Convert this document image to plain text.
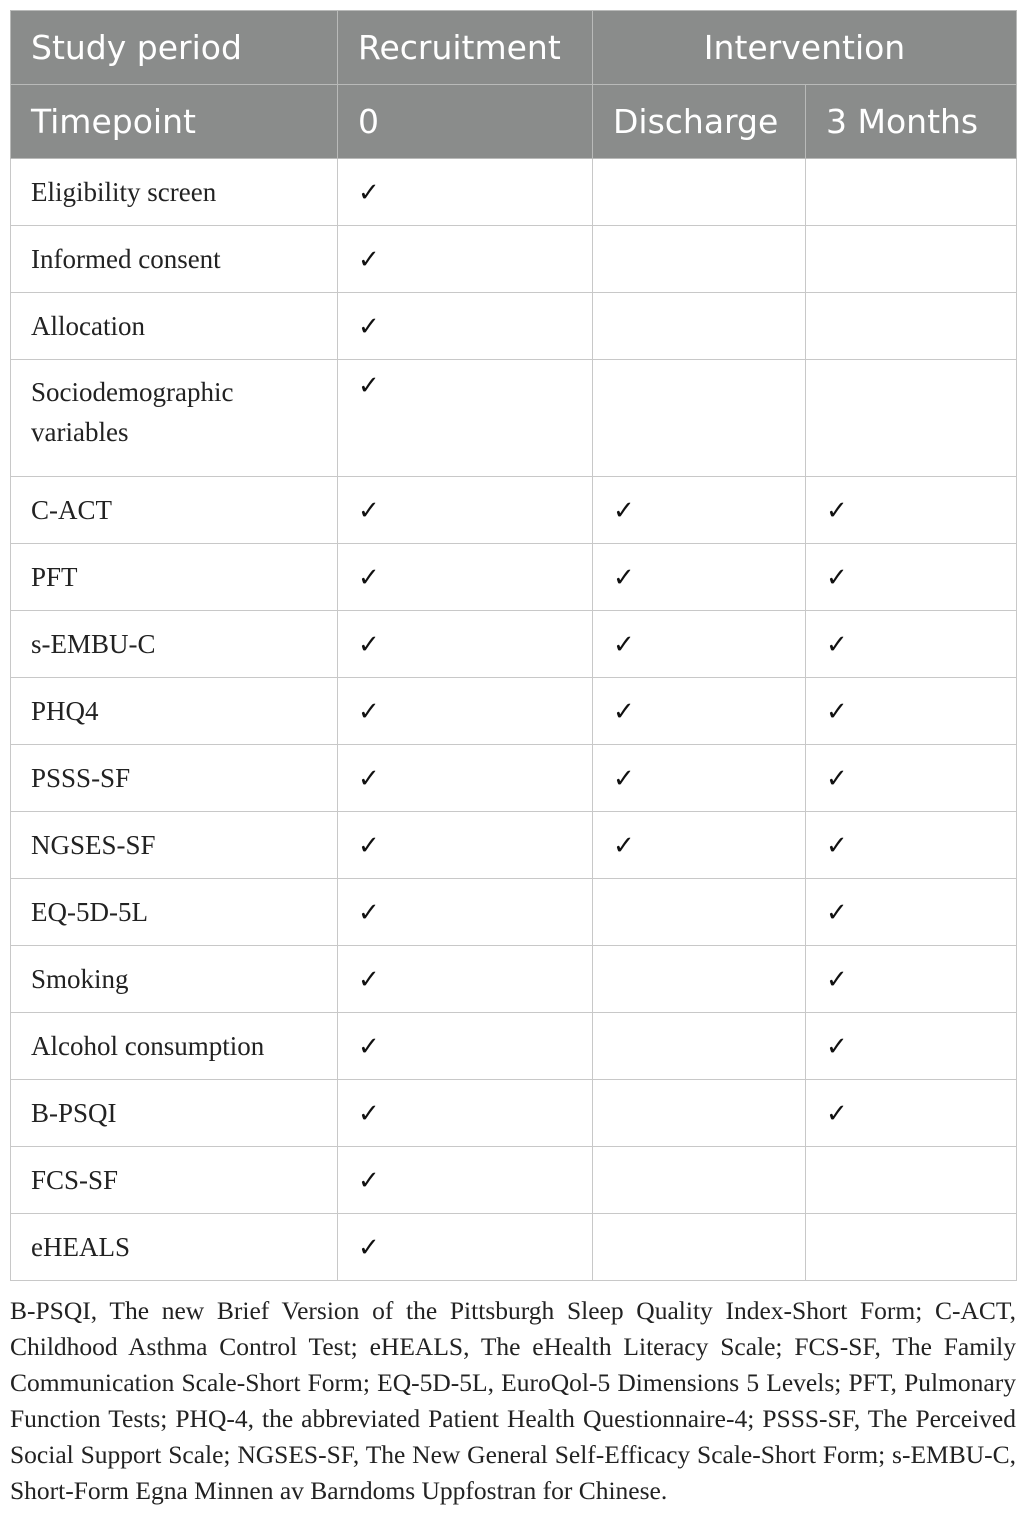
Study period	Recruitment	Intervention	
Timepoint	0	Discharge	3 Months
Eligibility screen	✓		
Informed consent	✓		
Allocation	✓		
Sociodemographic variables	✓		
C-ACT	✓	✓	✓
PFT	✓	✓	✓
s-EMBU-C	✓	✓	✓
PHQ4	✓	✓	✓
PSSS-SF	✓	✓	✓
NGSES-SF	✓	✓	✓
EQ-5D-5L	✓		✓
Smoking	✓		✓
Alcohol consumption	✓		✓
B-PSQI	✓		✓
FCS-SF	✓		
eHEALS	✓		
B-PSQI, The new Brief Version of the Pittsburgh Sleep Quality Index-Short Form; C-ACT, Childhood Asthma Control Test; eHEALS, The eHealth Literacy Scale; FCS-SF, The Family Communication Scale-Short Form; EQ-5D-5L, EuroQol-5 Dimensions 5 Levels; PFT, Pulmonary Function Tests; PHQ-4, the abbreviated Patient Health Questionnaire-4; PSSS-SF, The Perceived Social Support Scale; NGSES-SF, The New General Self-Efficacy Scale-Short Form; s-EMBU-C, Short-Form Egna Minnen av Barndoms Uppfostran for Chinese.
